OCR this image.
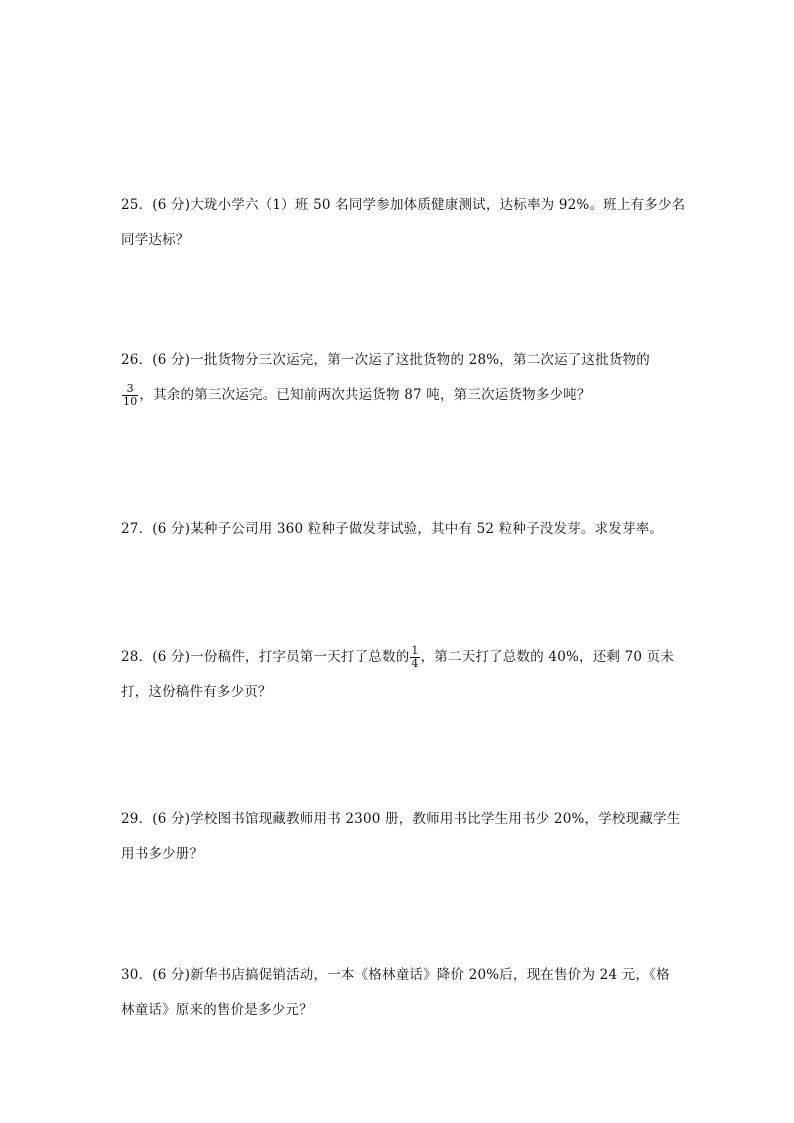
25．(6 分)大珑小学六（1）班 50 名同学参加体质健康测试，达标率为 92%。班上有多少名

同学达标？

26．(6 分)一批货物分三次运完，第一次运了这批货物的 28%，第二次运了这批货物的

$\frac{3}{10}$ ，其余的第三次运完。已知前两次共运货物 87 吨，第三次运货物多少吨？

27．(6 分)某种子公司用 360 粒种子做发芽试验，其中有 52 粒种子没发芽。求发芽率。

28．(6 分)一份稿件，打字员第一天打了总数的 $\frac{1}{4}$ ，第二天打了总数的 40%，还剩 70 页未

打，这份稿件有多少页？

29．(6 分)学校图书馆现藏教师用书 2300 册，教师用书比学生用书少 20%，学校现藏学生

用书多少册？

30．(6 分)新华书店搞促销活动，一本《格林童话》降价 20%后，现在售价为 24 元，《格

林童话》原来的售价是多少元？
